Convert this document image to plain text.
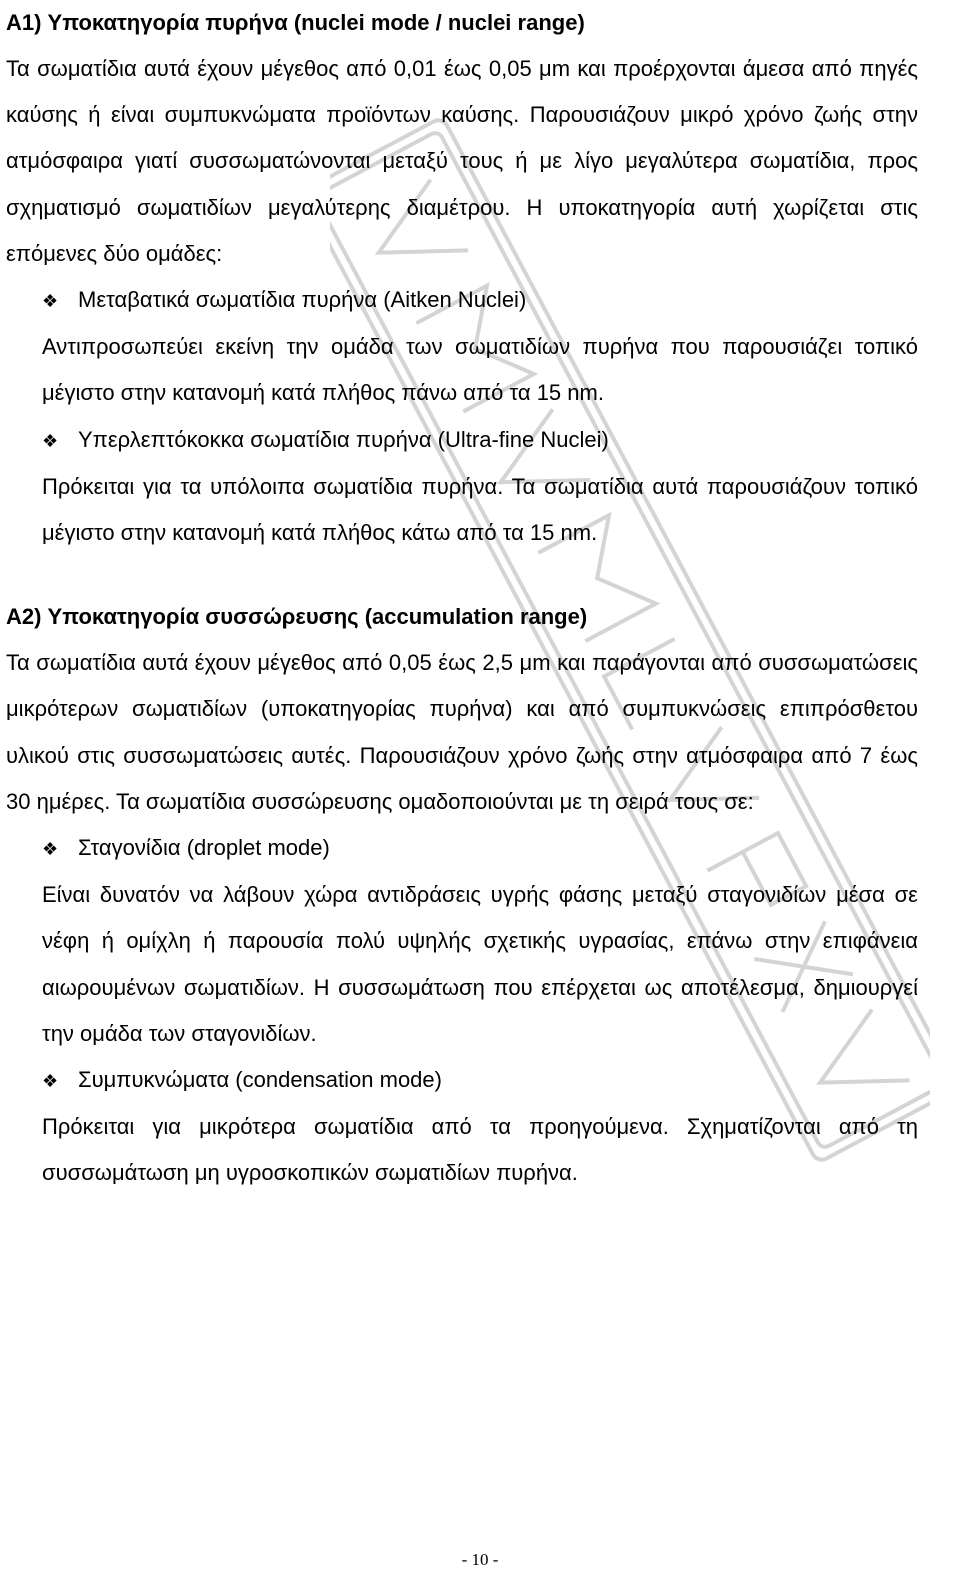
A1) Υποκατηγορία πυρήνα (nuclei mode / nuclei range)

Τα σωματίδια αυτά έχουν μέγεθος από 0,01 έως 0,05 μm και προέρχονται άμεσα από πηγές καύσης ή είναι συμπυκνώματα προϊόντων καύσης. Παρουσιάζουν μικρό χρόνο ζωής στην ατμόσφαιρα γιατί συσσωματώνονται μεταξύ τους ή με λίγο μεγαλύτερα σωματίδια, προς σχηματισμό σωματιδίων μεγαλύτερης διαμέτρου. Η υποκατηγορία αυτή χωρίζεται στις επόμενες δύο ομάδες:

❖ Μεταβατικά σωματίδια πυρήνα (Aitken Nuclei)

Αντιπροσωπεύει εκείνη την ομάδα των σωματιδίων πυρήνα που παρουσιάζει τοπικό μέγιστο στην κατανομή κατά πλήθος πάνω από τα 15 nm.

❖ Υπερλεπτόκοκκα σωματίδια πυρήνα (Ultra-fine Nuclei)

Πρόκειται για τα υπόλοιπα σωματίδια πυρήνα. Τα σωματίδια αυτά παρουσιάζουν τοπικό μέγιστο στην κατανομή κατά πλήθος κάτω από τα 15 nm.

A2) Υποκατηγορία συσσώρευσης (accumulation range)

Τα σωματίδια αυτά έχουν μέγεθος από 0,05 έως 2,5 μm και παράγονται από συσσωματώσεις μικρότερων σωματιδίων (υποκατηγορίας πυρήνα) και από συμπυκνώσεις επιπρόσθετου υλικού στις συσσωματώσεις αυτές. Παρουσιάζουν χρόνο ζωής στην ατμόσφαιρα από 7 έως 30 ημέρες. Τα σωματίδια συσσώρευσης ομαδοποιούνται με τη σειρά τους σε:

❖ Σταγονίδια (droplet mode)

Είναι δυνατόν να λάβουν χώρα αντιδράσεις υγρής φάσης μεταξύ σταγονιδίων μέσα σε νέφη ή ομίχλη ή παρουσία πολύ υψηλής σχετικής υγρασίας, επάνω στην επιφάνεια αιωρουμένων σωματιδίων. Η συσσωμάτωση που επέρχεται ως αποτέλεσμα, δημιουργεί την ομάδα των σταγονιδίων.

❖ Συμπυκνώματα (condensation mode)

Πρόκειται για μικρότερα σωματίδια από τα προηγούμενα. Σχηματίζονται από τη συσσωμάτωση μη υγροσκοπικών σωματιδίων πυρήνα.

- 10 -
